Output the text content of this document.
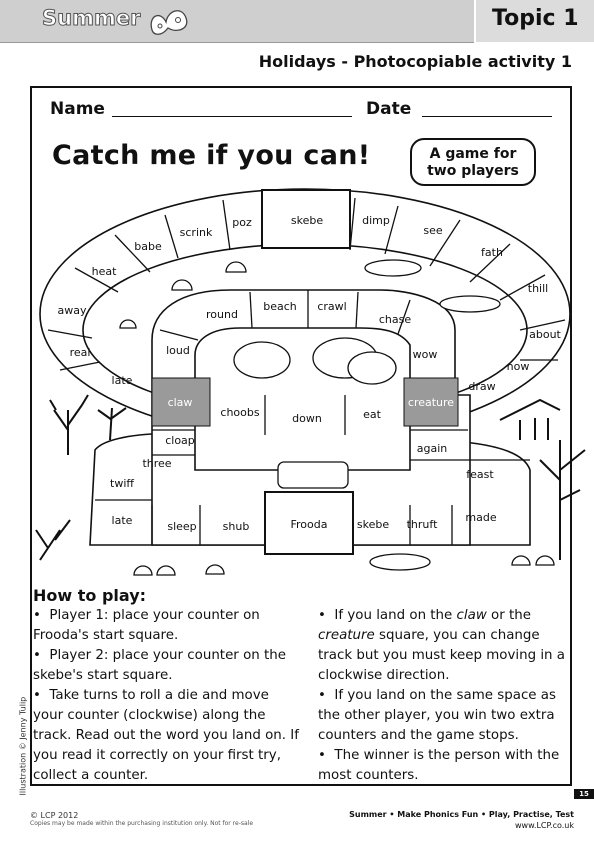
Summer	Topic 1
Holidays - Photocopiable activity 1
Name	Date
Catch me if you can!	A game for
two players
babe
scrink
poz	skebe	dimp
see
fath
thill
about
now
draw
heat
away
real
late
round
beach crawl
chase
wow
loud
claw	creature
choobs	down	eat
again
feast
made
cloap
three
twiff
late	sleep shub	Frooda	skebe thruft
How to play:
•  Player 1: place your counter on Frooda's start square.
•  Player 2: place your counter on the skebe's start square.
•  Take turns to roll a die and move your counter (clockwise) along the track. Read out the word you land on. If you read it correctly on your first try, collect a counter.
•  If you land on the claw or the creature square, you can change track but you must keep moving in a clockwise direction.
•  If you land on the same space as the other player, you win two extra counters and the game stops.
•  The winner is the person with the most counters.
Illustration © Jenny Tulip	15
© LCP 2012
Copies may be made within the purchasing institution only. Not for re-sale
Summer • Make Phonics Fun • Play, Practise, Test
www.LCP.co.uk
